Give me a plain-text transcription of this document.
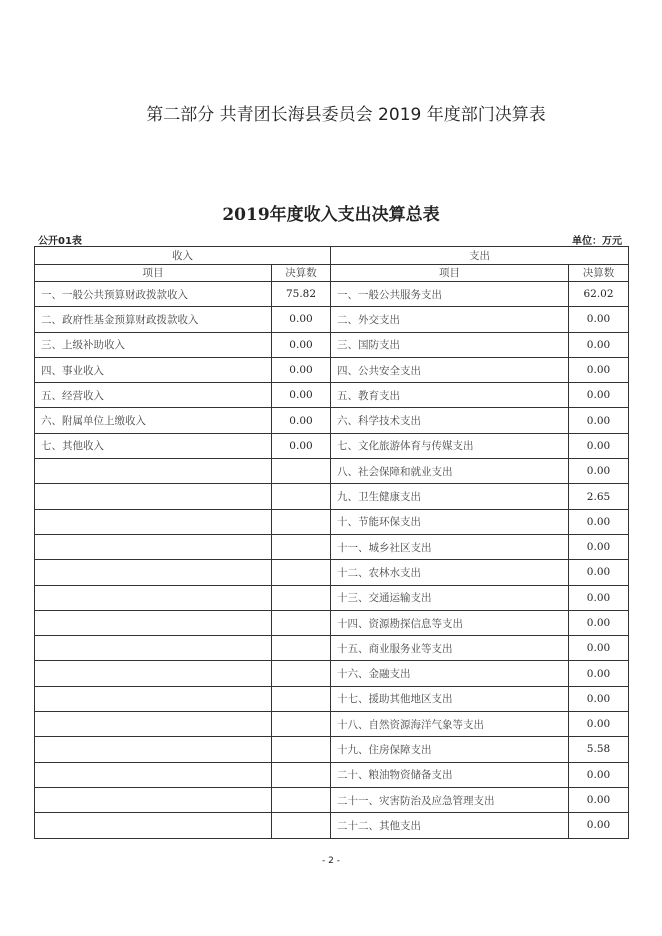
第二部分 共青团长海县委员会 2019 年度部门决算表
2019年度收入支出决算总表
公开01表	单位：万元
收入		支出	
项目	决算数	项目	决算数
一、一般公共预算财政拨款收入	75.82	一、一般公共服务支出	62.02
二、政府性基金预算财政拨款收入	0.00	二、外交支出	0.00
三、上级补助收入	0.00	三、国防支出	0.00
四、事业收入	0.00	四、公共安全支出	0.00
五、经营收入	0.00	五、教育支出	0.00
六、附属单位上缴收入	0.00	六、科学技术支出	0.00
七、其他收入	0.00	七、文化旅游体育与传媒支出	0.00
		八、社会保障和就业支出	0.00
		九、卫生健康支出	2.65
		十、节能环保支出	0.00
		十一、城乡社区支出	0.00
		十二、农林水支出	0.00
		十三、交通运输支出	0.00
		十四、资源勘探信息等支出	0.00
		十五、商业服务业等支出	0.00
		十六、金融支出	0.00
		十七、援助其他地区支出	0.00
		十八、自然资源海洋气象等支出	0.00
		十九、住房保障支出	5.58
		二十、粮油物资储备支出	0.00
		二十一、灾害防治及应急管理支出	0.00
		二十二、其他支出	0.00
- 2 -
